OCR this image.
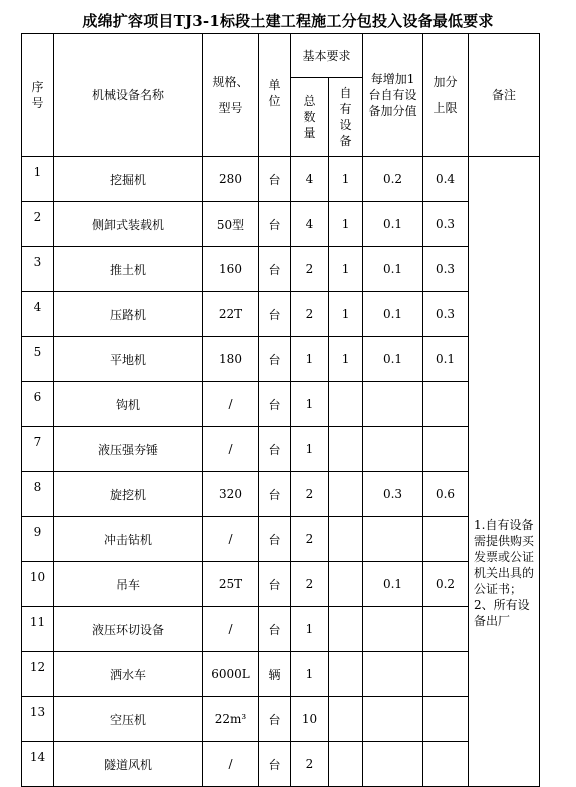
成绵扩容项目TJ3-1标段土建工程施工分包投入设备最低要求
序号	机械设备名称	规格、型号	单位	基本要求		每增加1台自有设备加分值	加分上限	备注
				总数量	自有设备			
1	挖掘机	280	台	4	1	0.2	0.4	1.自有设备需提供购买发票或公证机关出具的公证书；2、所有设备出厂
2	侧卸式装载机	50型	台	4	1	0.1	0.3	
3	推土机	160	台	2	1	0.1	0.3	
4	压路机	22T	台	2	1	0.1	0.3	
5	平地机	180	台	1	1	0.1	0.1	
6	钩机	/	台	1				
7	液压强夯锤	/	台	1				
8	旋挖机	320	台	2		0.3	0.6	
9	冲击钻机	/	台	2				
10	吊车	25T	台	2		0.1	0.2	
11	液压环切设备	/	台	1				
12	洒水车	6000L	辆	1				
13	空压机	22m³	台	10				
14	隧道风机	/	台	2				
